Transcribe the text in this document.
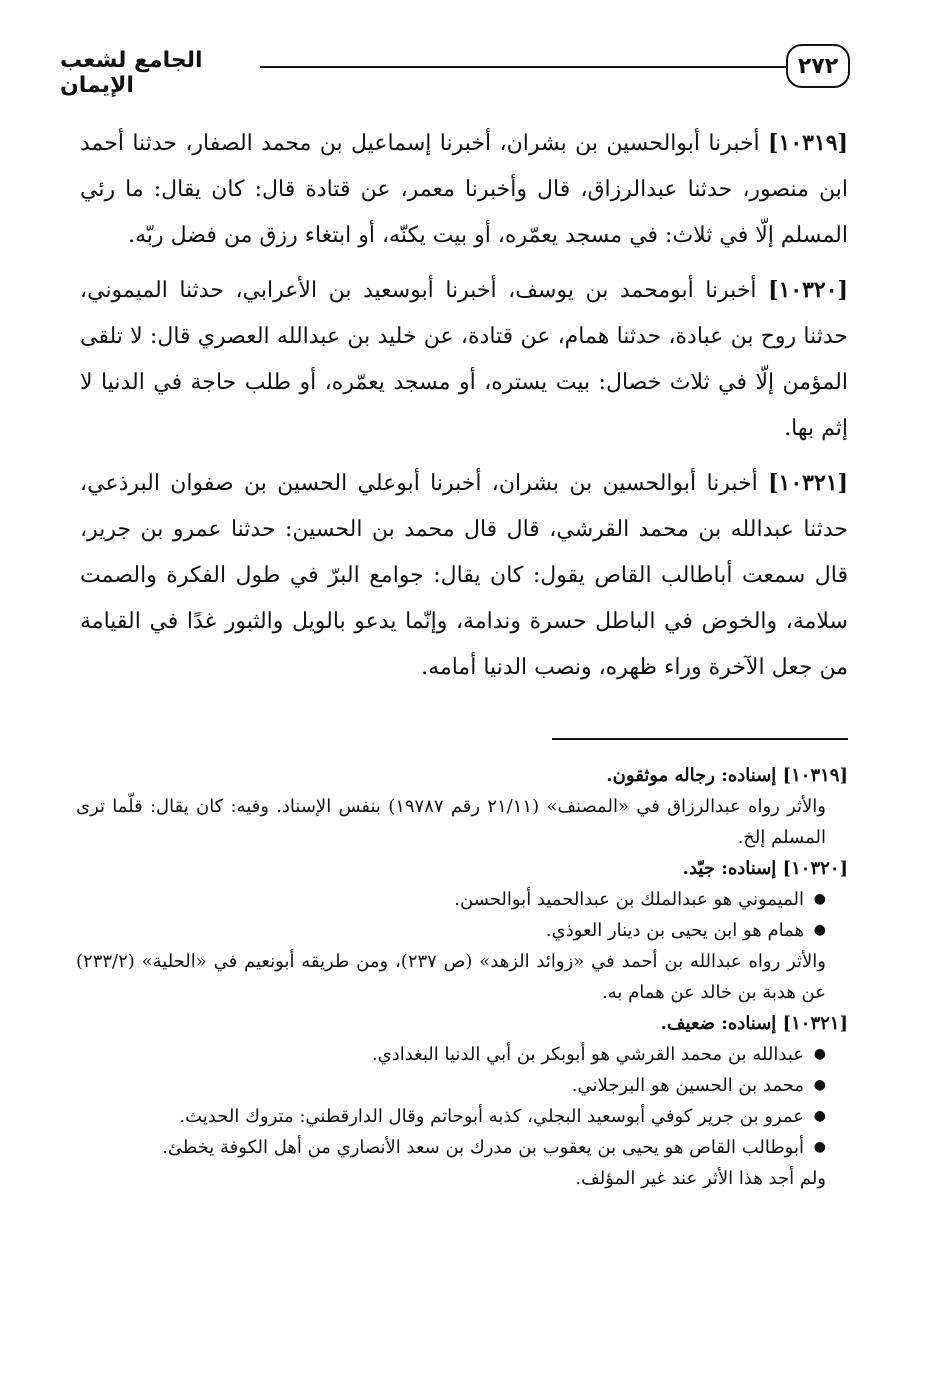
٢٧٢
الجامع لشعب الإيمان

[١٠٣١٩] أخبرنا أبوالحسين بن بشران، أخبرنا إسماعيل بن محمد الصفار، حدثنا أحمد ابن منصور، حدثنا عبدالرزاق، قال وأخبرنا معمر، عن قتادة قال: كان يقال: ما رئي المسلم إلّا في ثلاث: في مسجد يعمّره، أو بيت يكنّه، أو ابتغاء رزق من فضل ربّه.

[١٠٣٢٠] أخبرنا أبومحمد بن يوسف، أخبرنا أبوسعيد بن الأعرابي، حدثنا الميموني، حدثنا روح بن عبادة، حدثنا همام، عن قتادة، عن خليد بن عبدالله العصري قال: لا تلقى المؤمن إلّا في ثلاث خصال: بيت يستره، أو مسجد يعمّره، أو طلب حاجة في الدنيا لا إثم بها.

[١٠٣٢١] أخبرنا أبوالحسين بن بشران، أخبرنا أبوعلي الحسين بن صفوان البرذعي، حدثنا عبدالله بن محمد القرشي، قال قال محمد بن الحسين: حدثنا عمرو بن جرير، قال سمعت أباطالب القاص يقول: كان يقال: جوامع البرّ في طول الفكرة والصمت سلامة، والخوض في الباطل حسرة وندامة، وإنّما يدعو بالويل والثبور غدًا في القيامة من جعل الآخرة وراء ظهره، ونصب الدنيا أمامه.

[١٠٣١٩] إسناده: رجاله موثقون.

والأثر رواه عبدالرزاق في «المصنف» (٢١/١١ رقم ١٩٧٨٧) بنفس الإسناد. وفيه: كان يقال: قلّما ترى المسلم إلخ.

[١٠٣٢٠] إسناده: جيّد.

● الميموني هو عبدالملك بن عبدالحميد أبوالحسن.
● همام هو ابن يحيى بن دينار العوذي.

والأثر رواه عبدالله بن أحمد في «زوائد الزهد» (ص ٢٣٧)، ومن طريقه أبونعيم في «الحلية» (٢٣٣/٢) عن هدبة بن خالد عن همام به.

[١٠٣٢١] إسناده: ضعيف.

● عبدالله بن محمد القرشي هو أبوبكر بن أبي الدنيا البغدادي.
● محمد بن الحسين هو البرجلاني.
● عمرو بن جرير كوفي أبوسعيد البجلي، كذبه أبوحاتم وقال الدارقطني: متروك الحديث.
● أبوطالب القاص هو يحيى بن يعقوب بن مدرك بن سعد الأنصاري من أهل الكوفة يخطئ.

ولم أجد هذا الأثر عند غير المؤلف.
